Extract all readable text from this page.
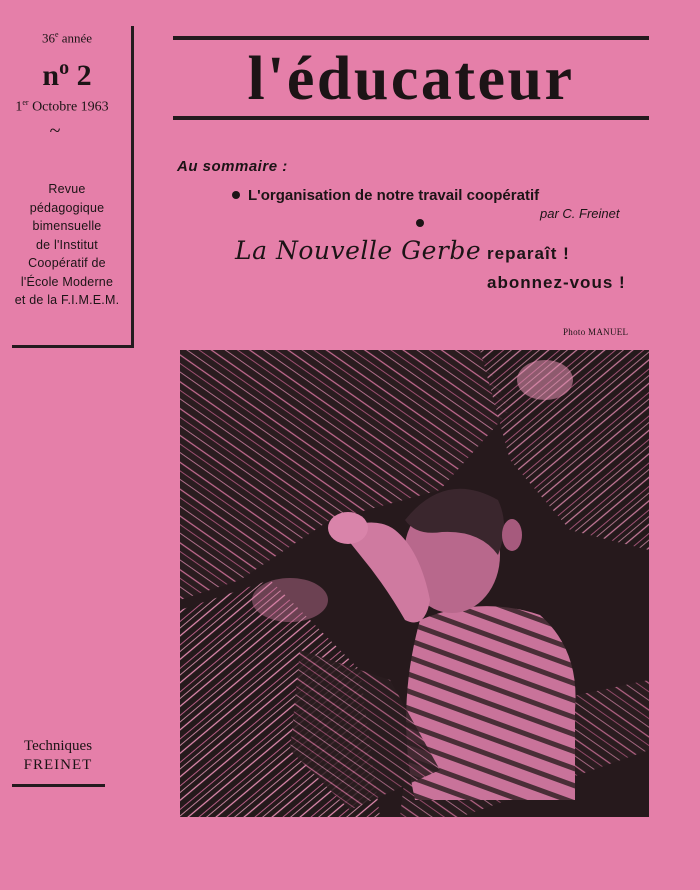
36e année
$n^o$ 2
1er Octobre 1963
~
Revue
pédagogique
bimensuelle
de l'Institut
Coopératif de
l'École Moderne
et de la F.I.M.E.M.
l'éducateur
Au sommaire :
L'organisation de notre travail coopératif
par C. Freinet
La Nouvelle Gerbe reparaît !
abonnez-vous !
Photo MANUEL
Techniques
FREINET
